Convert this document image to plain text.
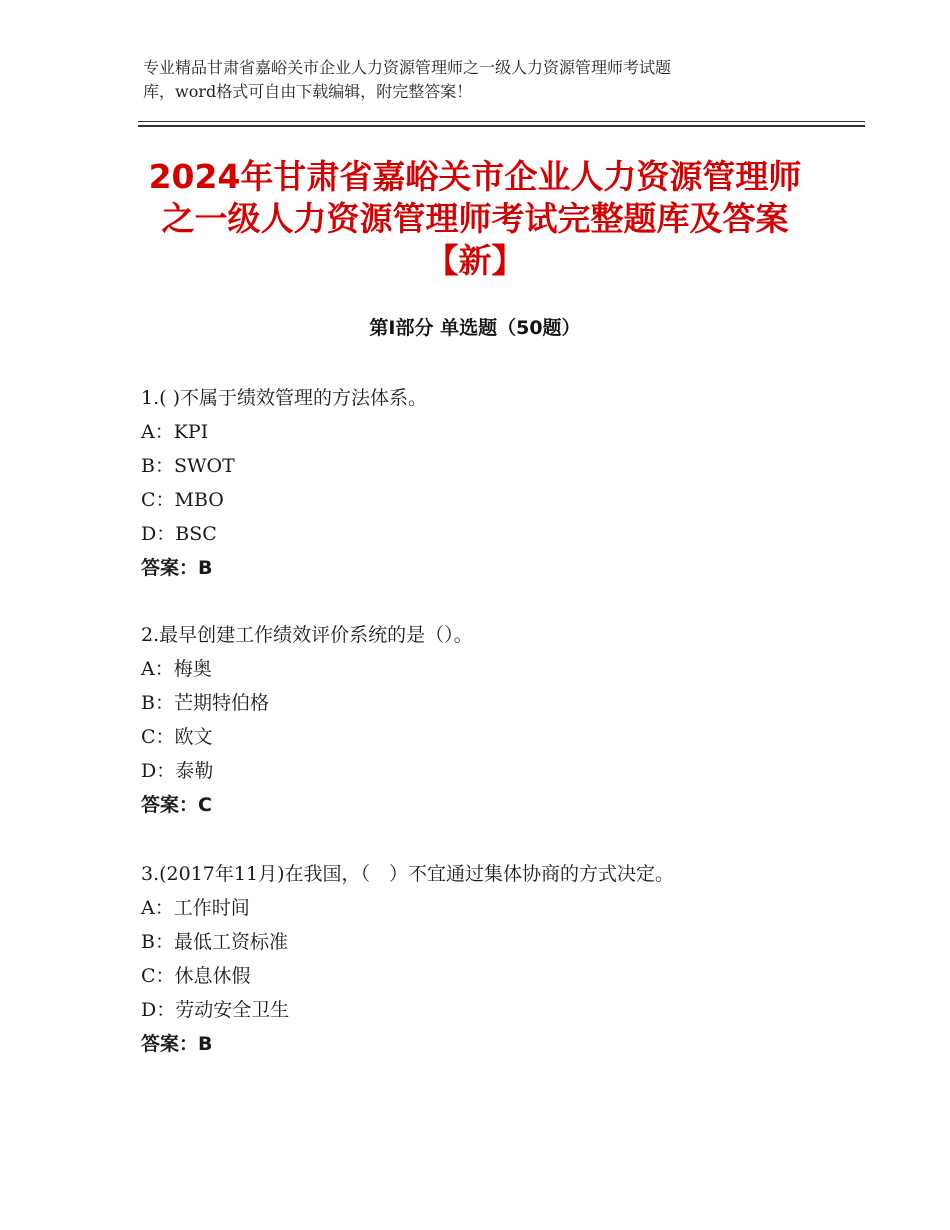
专业精品甘肃省嘉峪关市企业人力资源管理师之一级人力资源管理师考试题
库，word格式可自由下载编辑，附完整答案！
2024年甘肃省嘉峪关市企业人力资源管理师
之一级人力资源管理师考试完整题库及答案
【新】
第Ⅰ部分 单选题（50题）
1.( )不属于绩效管理的方法体系。
A：KPI
B：SWOT
C：MBO
D：BSC
答案：B
2.最早创建工作绩效评价系统的是（）。
A：梅奥
B：芒期特伯格
C：欧文
D：泰勒
答案：C
3.(2017年11月)在我国，（　）不宜通过集体协商的方式决定。
A：工作时间
B：最低工资标准
C：休息休假
D：劳动安全卫生
答案：B
